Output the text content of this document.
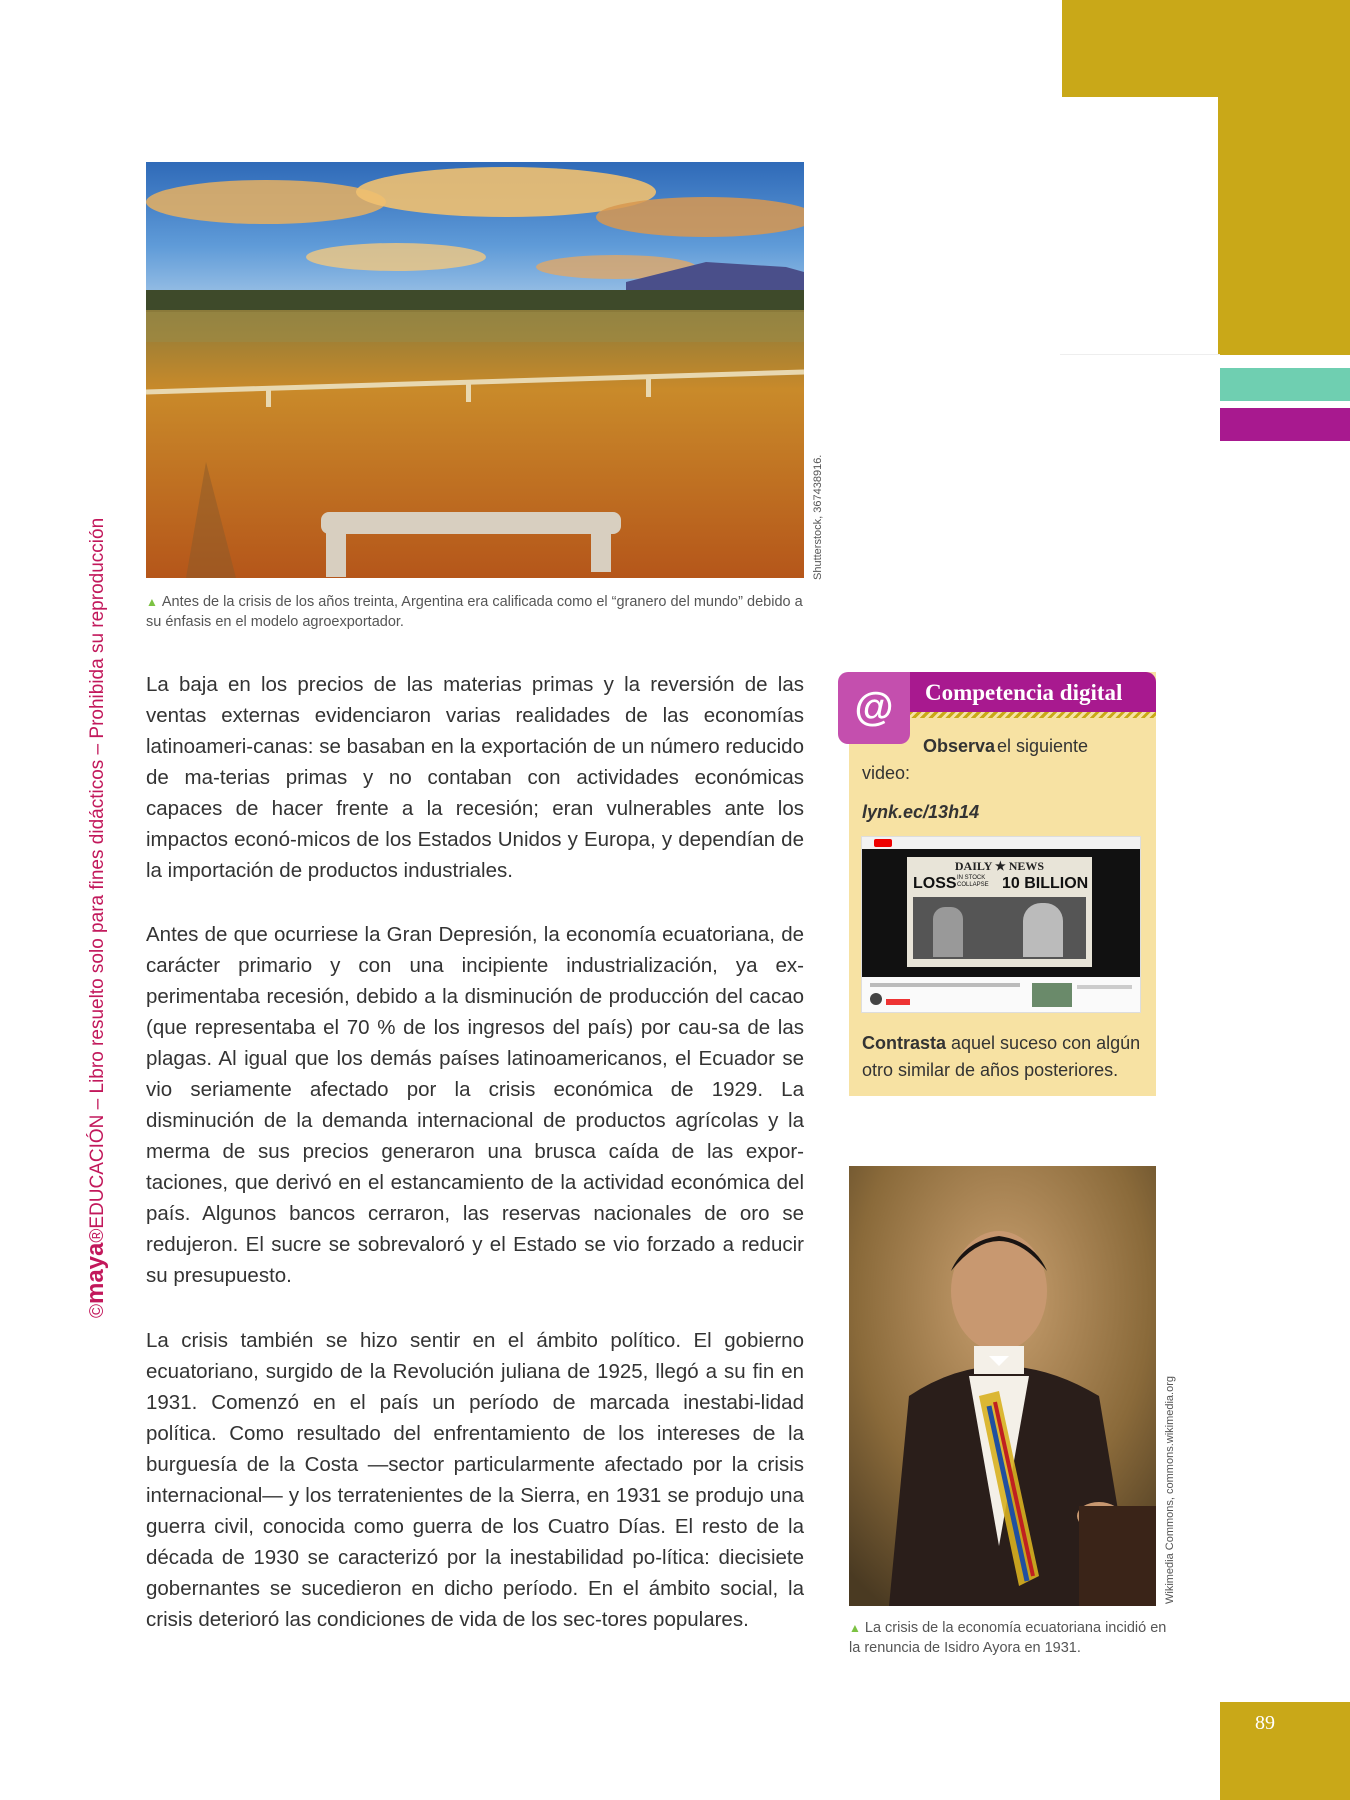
©maya®EDUCACIÓN – Libro resuelto solo para fines didácticos – Prohibida su reproducción
Shutterstock, 367438916.
▲ Antes de la crisis de los años treinta, Argentina era calificada como el “granero del mundo” debido a su énfasis en el modelo agroexportador.
La baja en los precios de las materias primas y la reversión de las ventas externas evidenciaron varias realidades de las economías latinoameri-canas: se basaban en la exportación de un número reducido de ma-terias primas y no contaban con actividades económicas capaces de hacer frente a la recesión; eran vulnerables ante los impactos econó-micos de los Estados Unidos y Europa, y dependían de la importación de productos industriales.
Antes de que ocurriese la Gran Depresión, la economía ecuatoriana, de carácter primario y con una incipiente industrialización, ya ex-perimentaba recesión, debido a la disminución de producción del cacao (que representaba el 70 % de los ingresos del país) por cau-sa de las plagas. Al igual que los demás países latinoamericanos, el Ecuador se vio seriamente afectado por la crisis económica de 1929. La disminución de la demanda internacional de productos agrícolas y la merma de sus precios generaron una brusca caída de las expor-taciones, que derivó en el estancamiento de la actividad económica del país. Algunos bancos cerraron, las reservas nacionales de oro se redujeron. El sucre se sobrevaloró y el Estado se vio forzado a reducir su presupuesto.
La crisis también se hizo sentir en el ámbito político. El gobierno ecuatoriano, surgido de la Revolución juliana de 1925, llegó a su fin en 1931. Comenzó en el país un período de marcada inestabi-lidad política. Como resultado del enfrentamiento de los intereses de la burguesía de la Costa —sector particularmente afectado por la crisis internacional— y los terratenientes de la Sierra, en 1931 se produjo una guerra civil, conocida como guerra de los Cuatro Días. El resto de la década de 1930 se caracterizó por la inestabilidad po-lítica: diecisiete gobernantes se sucedieron en dicho período. En el ámbito social, la crisis deterioró las condiciones de vida de los sec-tores populares.
Competencia digital
@
Observa el siguiente
video:
lynk.ec/13h14
DAILY ★ NEWS
LOSS IN STOCK
COLLAPSE 10 BILLION
Contrasta aquel suceso con algún otro similar de años posteriores.
Wikimedia Commons, commons.wikimedia.org
▲ La crisis de la economía ecuatoriana incidió en la renuncia de Isidro Ayora en 1931.
89
